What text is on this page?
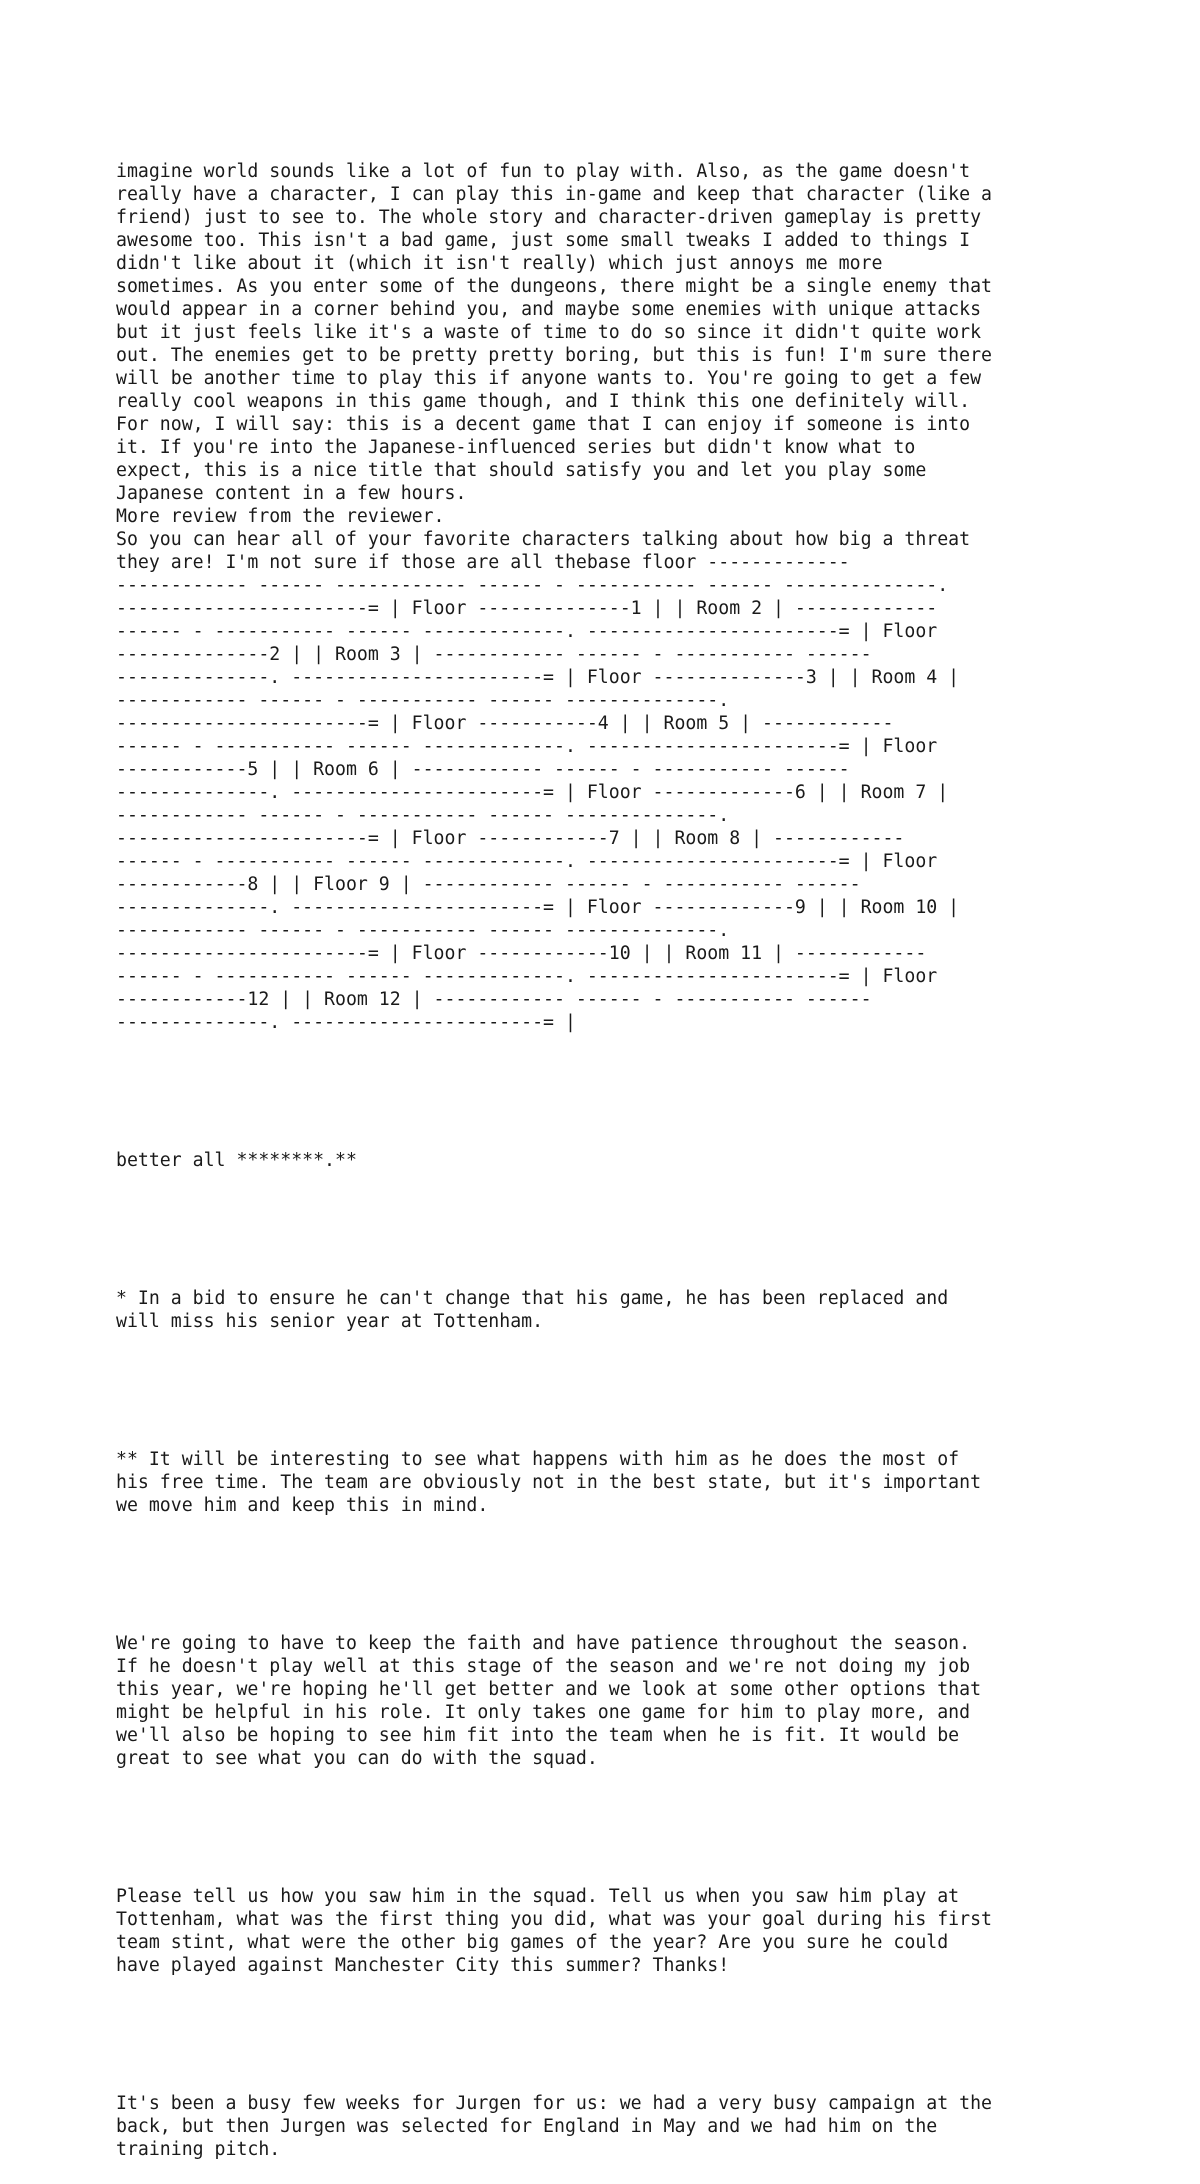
imagine world sounds like a lot of fun to play with. Also, as the game doesn't
really have a character, I can play this in-game and keep that character (like a
friend) just to see to. The whole story and character-driven gameplay is pretty
awesome too. This isn't a bad game, just some small tweaks I added to things I
didn't like about it (which it isn't really) which just annoys me more
sometimes. As you enter some of the dungeons, there might be a single enemy that
would appear in a corner behind you, and maybe some enemies with unique attacks
but it just feels like it's a waste of time to do so since it didn't quite work
out. The enemies get to be pretty pretty boring, but this is fun! I'm sure there
will be another time to play this if anyone wants to. You're going to get a few
really cool weapons in this game though, and I think this one definitely will.
For now, I will say: this is a decent game that I can enjoy if someone is into
it. If you're into the Japanese-influenced series but didn't know what to
expect, this is a nice title that should satisfy you and let you play some
Japanese content in a few hours.
More review from the reviewer.
So you can hear all of your favorite characters talking about how big a threat
they are! I'm not sure if those are all thebase floor -------------
------------ ------ ------------ ------ - ----------- ------ --------------.
-----------------------= | Floor --------------1 | | Room 2 | -------------
------ - ----------- ------ -------------. -----------------------= | Floor
--------------2 | | Room 3 | ------------ ------ - ----------- ------
--------------. -----------------------= | Floor --------------3 | | Room 4 |
------------ ------ - ----------- ------ --------------.
-----------------------= | Floor -----------4 | | Room 5 | ------------
------ - ----------- ------ -------------. -----------------------= | Floor
------------5 | | Room 6 | ------------ ------ - ----------- ------
--------------. -----------------------= | Floor -------------6 | | Room 7 |
------------ ------ - ----------- ------ --------------.
-----------------------= | Floor ------------7 | | Room 8 | ------------
------ - ----------- ------ -------------. -----------------------= | Floor
------------8 | | Floor 9 | ------------ ------ - ----------- ------
--------------. -----------------------= | Floor -------------9 | | Room 10 |
------------ ------ - ----------- ------ --------------.
-----------------------= | Floor ------------10 | | Room 11 | ------------
------ - ----------- ------ -------------. -----------------------= | Floor
------------12 | | Room 12 | ------------ ------ - ----------- ------
--------------. -----------------------= |

better all ********.**

* In a bid to ensure he can't change that his game, he has been replaced and
will miss his senior year at Tottenham.

** It will be interesting to see what happens with him as he does the most of
his free time. The team are obviously not in the best state, but it's important
we move him and keep this in mind.

We're going to have to keep the faith and have patience throughout the season.
If he doesn't play well at this stage of the season and we're not doing my job
this year, we're hoping he'll get better and we look at some other options that
might be helpful in his role. It only takes one game for him to play more, and
we'll also be hoping to see him fit into the team when he is fit. It would be
great to see what you can do with the squad.

Please tell us how you saw him in the squad. Tell us when you saw him play at
Tottenham, what was the first thing you did, what was your goal during his first
team stint, what were the other big games of the year? Are you sure he could
have played against Manchester City this summer? Thanks!

It's been a busy few weeks for Jurgen for us: we had a very busy campaign at the
back, but then Jurgen was selected for England in May and we had him on the
training pitch.
